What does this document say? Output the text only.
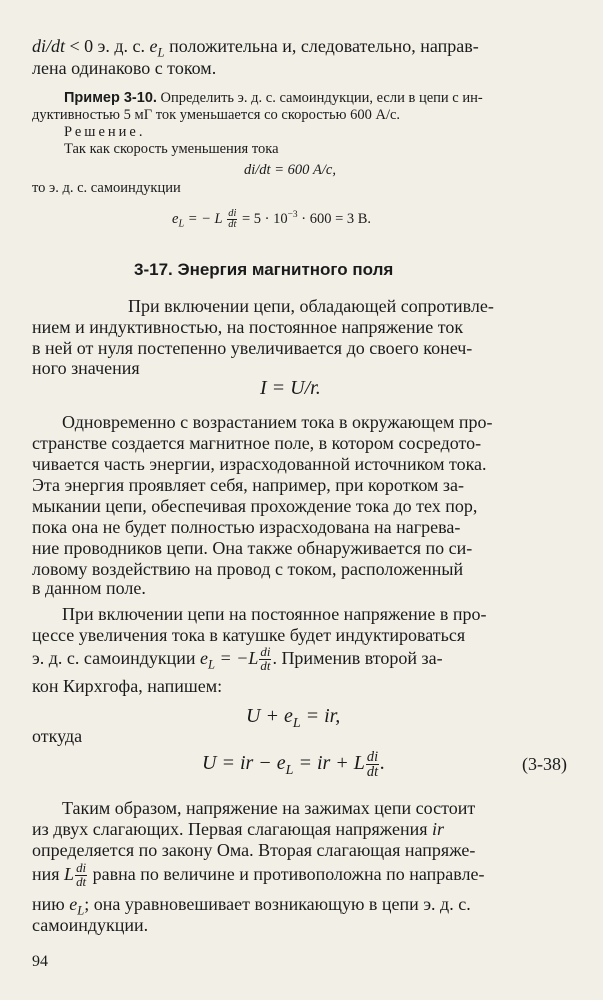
di/dt < 0 э. д. с. $e_L$ положительна и, следовательно, направ-
лена одинаково с током.
Пример 3-10. Определить э. д. с. самоиндукции, если в цепи с ин-
дуктивностью 5 мГ ток уменьшается со скоростью 600 А/с.
Решение.
Так как скорость уменьшения тока
di/dt = 600 А/с,
то э. д. с. самоиндукции
$e_L$ = − L $\frac{di}{dt} = 5 \cdot 10^{-3} \cdot 600 = 3$ В.
3-17. Энергия магнитного поля
При включении цепи, обладающей сопротивле-
нием и индуктивностью, на постоянное напряжение ток
в ней от нуля постепенно увеличивается до своего конеч-
ного значения
I = U/r.
Одновременно с возрастанием тока в окружающем про-
странстве создается магнитное поле, в котором сосредото-
чивается часть энергии, израсходованной источником тока.
Эта энергия проявляет себя, например, при коротком за-
мыкании цепи, обеспечивая прохождение тока до тех пор,
пока она не будет полностью израсходована на нагрева-
ние проводников цепи. Она также обнаруживается по си-
ловому воздействию на провод с током, расположенный
в данном поле.
При включении цепи на постоянное напряжение в про-
цессе увеличения тока в катушке будет индуктироваться
э. д. с. самоиндукции $e_L = -L \frac{di}{dt}$ . Применив второй за-
кон Кирхгофа, напишем:
$U + e_L$ = ir,
откуда
U = ir − $e_L$ = ir + L $\frac{di}{dt}$ .	(3-38)
Таким образом, напряжение на зажимах цепи состоит
из двух слагающих. Первая слагающая напряжения ir
определяется по закону Ома. Вторая слагающая напряже-
ния L $\frac{di}{dt}$ равна по величине и противоположна по направле-
нию $e_L$; она уравновешивает возникающую в цепи э. д. с.
самоиндукции.
94
